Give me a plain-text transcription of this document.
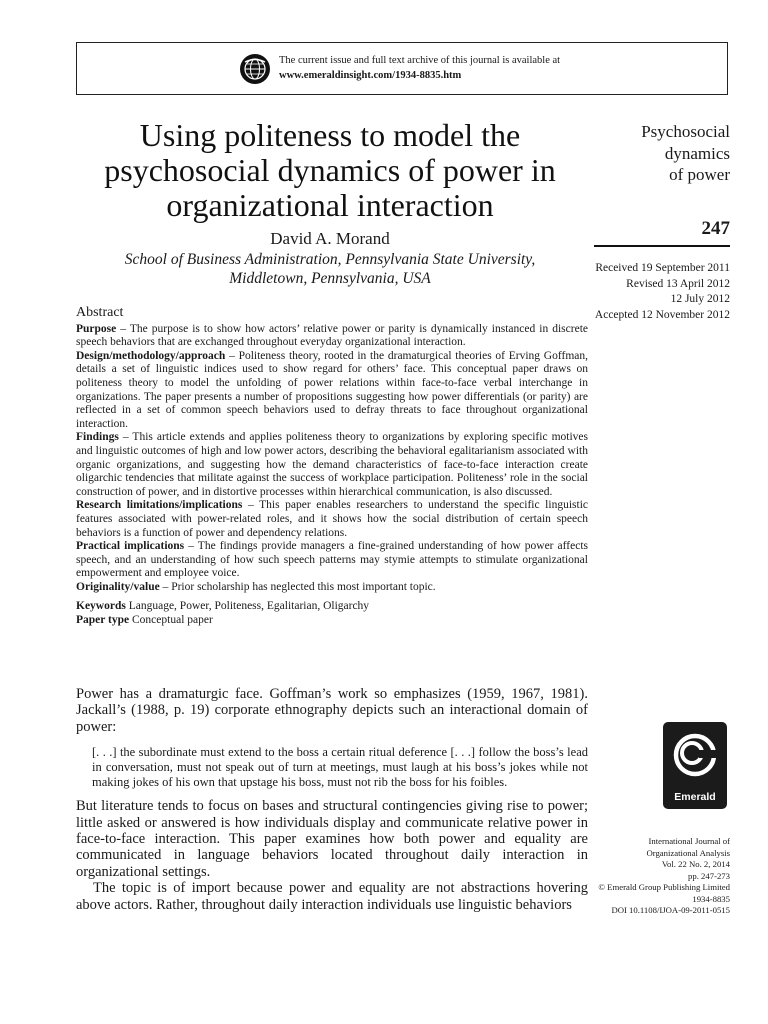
The current issue and full text archive of this journal is available at
www.emeraldinsight.com/1934-8835.htm
Using politeness to model the psychosocial dynamics of power in organizational interaction
David A. Morand
School of Business Administration, Pennsylvania State University,
Middletown, Pennsylvania, USA
Psychosocial
dynamics
of power
247
Received 19 September 2011
Revised 13 April 2012
12 July 2012
Accepted 12 November 2012
Abstract

Purpose – The purpose is to show how actors’ relative power or parity is dynamically instanced in discrete speech behaviors that are exchanged throughout everyday organizational interaction.

Design/methodology/approach – Politeness theory, rooted in the dramaturgical theories of Erving Goffman, details a set of linguistic indices used to show regard for others’ face. This conceptual paper draws on politeness theory to model the unfolding of power relations within face-to-face verbal interchange in organizations. The paper presents a number of propositions suggesting how power differentials (or parity) are reflected in a set of common speech behaviors used to defray threats to face throughout organizational interaction.

Findings – This article extends and applies politeness theory to organizations by exploring specific motives and linguistic outcomes of high and low power actors, describing the behavioral egalitarianism associated with organic organizations, and suggesting how the demand characteristics of face-to-face interaction create oligarchic tendencies that militate against the success of workplace participation. Politeness’ role in the social construction of power, and in distortive processes within hierarchical communication, is also discussed.

Research limitations/implications – This paper enables researchers to understand the specific linguistic features associated with power-related roles, and it shows how the social distribution of certain speech behaviors is a function of power and dependency relations.

Practical implications – The findings provide managers a fine-grained understanding of how power affects speech, and an understanding of how such speech patterns may stymie attempts to stimulate organizational empowerment and employee voice.

Originality/value – Prior scholarship has neglected this most important topic.

Keywords Language, Power, Politeness, Egalitarian, Oligarchy

Paper type Conceptual paper

Power has a dramaturgic face. Goffman’s work so emphasizes (1959, 1967, 1981). Jackall’s (1988, p. 19) corporate ethnography depicts such an interactional domain of power:

[. . .] the subordinate must extend to the boss a certain ritual deference [. . .] follow the boss’s lead in conversation, must not speak out of turn at meetings, must laugh at his boss’s jokes while not making jokes of his own that upstage his boss, must not rib the boss for his foibles.

But literature tends to focus on bases and structural contingencies giving rise to power; little asked or answered is how individuals display and communicate relative power in face-to-face interaction. This paper examines how both power and equality are communicated in language behaviors located throughout daily interaction in organizational settings.

The topic is of import because power and equality are not abstractions hovering above actors. Rather, throughout daily interaction individuals use linguistic behaviors

Emerald
International Journal of
Organizational Analysis
Vol. 22 No. 2, 2014
pp. 247-273
© Emerald Group Publishing Limited
1934-8835
DOI 10.1108/IJOA-09-2011-0515
